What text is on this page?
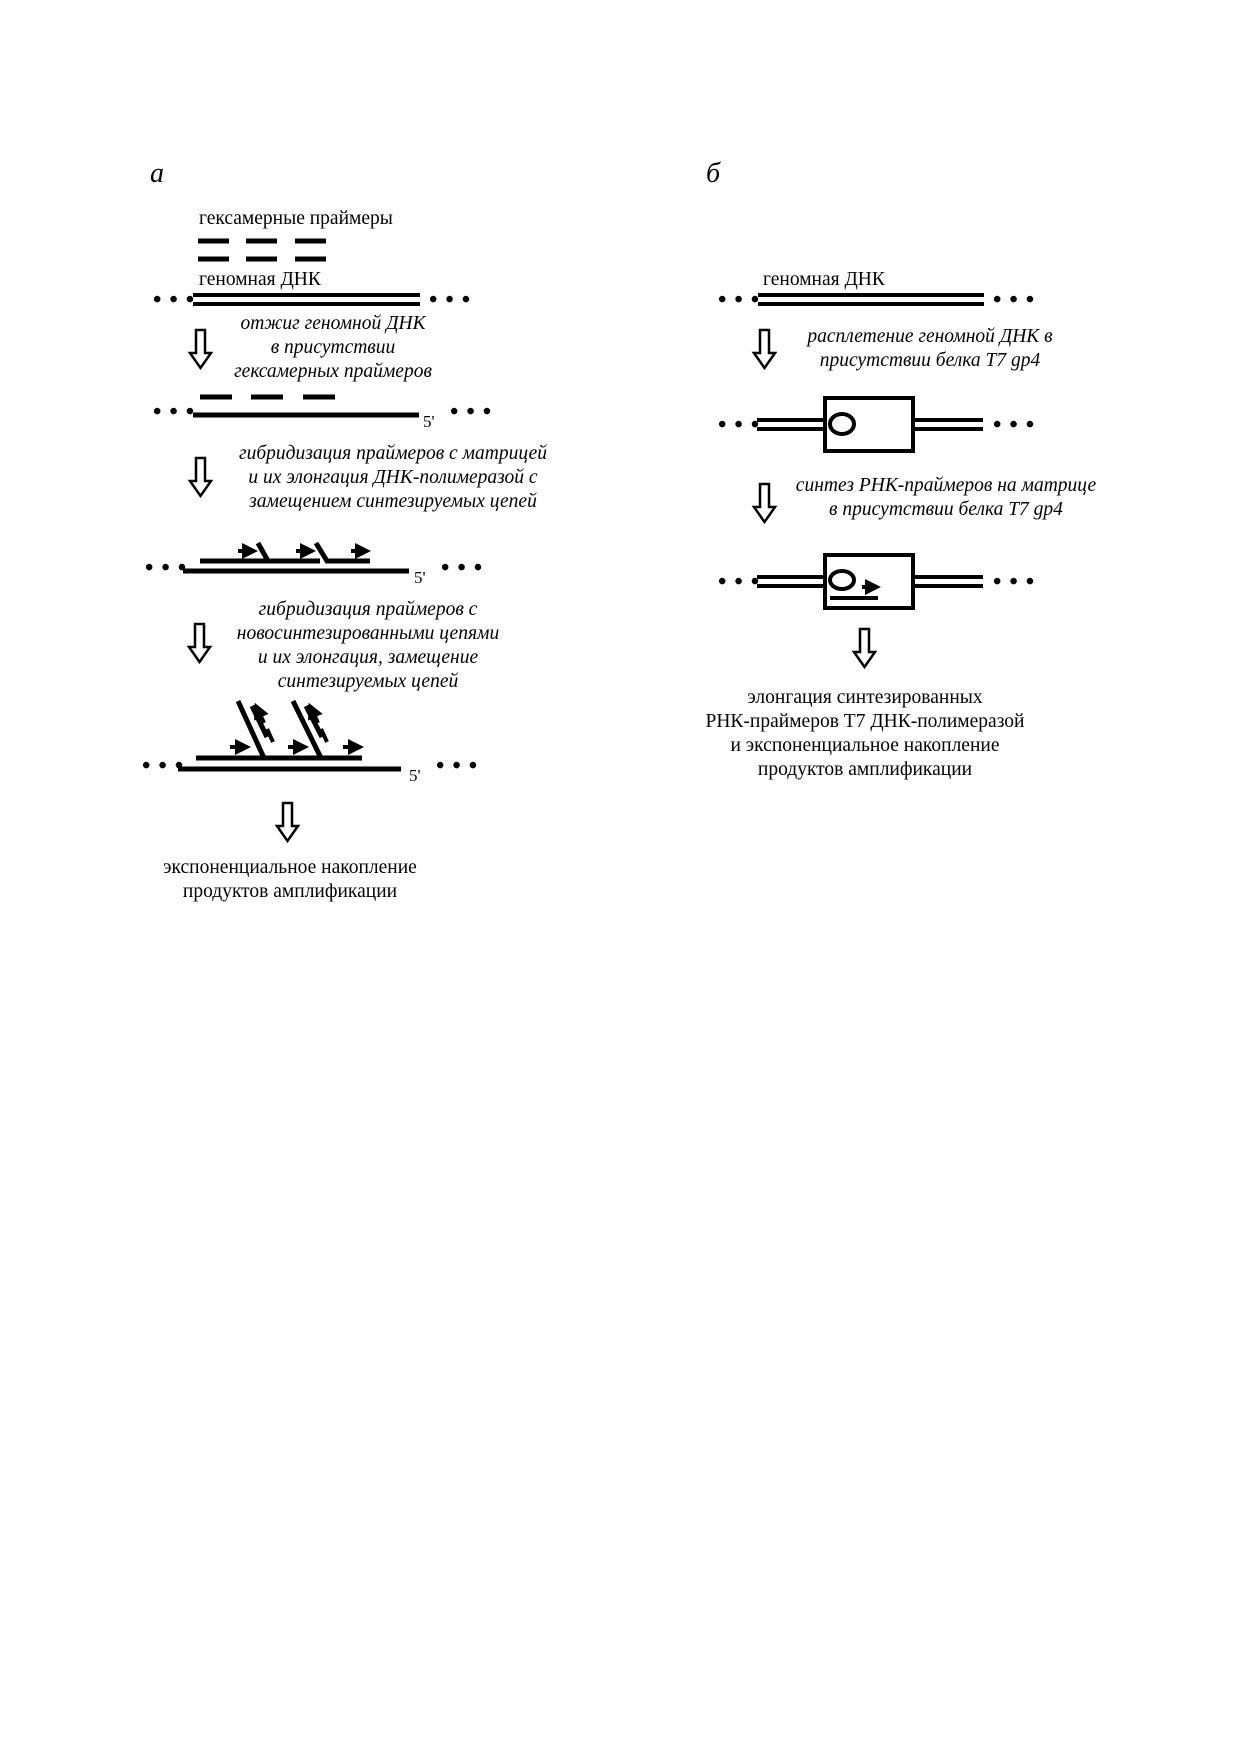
а
гексамерные праймеры
геномная ДНК
• • •	• • •
отжиг геномной ДНК
в присутствии
гексамерных праймеров
• • •	5' • • •
гибридизация праймеров с матрицей
и их элонгация ДНК-полимеразой с
замещением синтезируемых цепей
• • •	5' • • •
гибридизация праймеров с
новосинтезированными цепями
и их элонгация, замещение
синтезируемых цепей
• • •	5' • • •
экспоненциальное накопление
продуктов амплификации
б
геномная ДНК
• • •	• • •
расплетение геномной ДНК в
присутствии белка T7 gp4
• • •	• • •
синтез РНК-праймеров на матрице
в присутствии белка T7 gp4
• • •	• • •
элонгация синтезированных
РНК-праймеров T7 ДНК-полимеразой
и экспоненциальное накопление
продуктов амплификации
